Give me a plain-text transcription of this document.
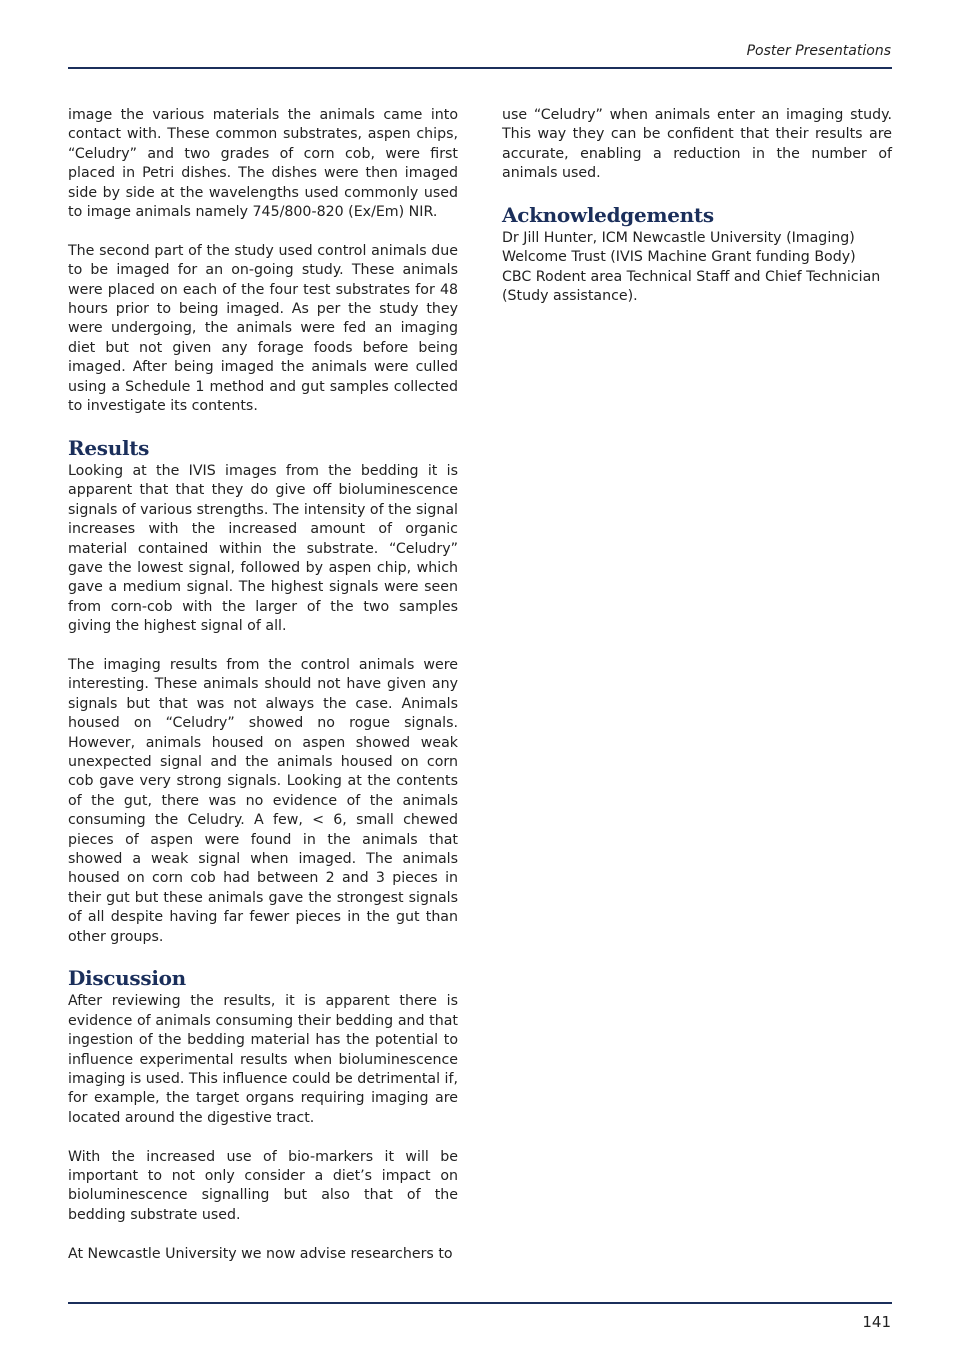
Poster Presentations

image the various materials the animals came into contact with. These common substrates, aspen chips, “Celudry” and two grades of corn cob, were first placed in Petri dishes. The dishes were then imaged side by side at the wavelengths used commonly used to image animals namely 745/800-820 (Ex/Em) NIR.

The second part of the study used control animals due to be imaged for an on-going study. These animals were placed on each of the four test substrates for 48 hours prior to being imaged. As per the study they were undergoing, the animals were fed an imaging diet but not given any forage foods before being imaged. After being imaged the animals were culled using a Schedule 1 method and gut samples collected to investigate its contents.

Results

Looking at the IVIS images from the bedding it is apparent that that they do give off bioluminescence signals of various strengths. The intensity of the signal increases with the increased amount of organic material contained within the substrate. “Celudry” gave the lowest signal, followed by aspen chip, which gave a medium signal. The highest signals were seen from corn-cob with the larger of the two samples giving the highest signal of all.

The imaging results from the control animals were interesting. These animals should not have given any signals but that was not always the case. Animals housed on “Celudry” showed no rogue signals. However, animals housed on aspen showed weak unexpected signal and the animals housed on corn cob gave very strong signals. Looking at the contents of the gut, there was no evidence of the animals consuming the Celudry. A few, < 6, small chewed pieces of aspen were found in the animals that showed a weak signal when imaged. The animals housed on corn cob had between 2 and 3 pieces in their gut but these animals gave the strongest signals of all despite having far fewer pieces in the gut than other groups.

Discussion

After reviewing the results, it is apparent there is evidence of animals consuming their bedding and that ingestion of the bedding material has the potential to influence experimental results when bioluminescence imaging is used. This influence could be detrimental if, for example, the target organs requiring imaging are located around the digestive tract.

With the increased use of bio-markers it will be important to not only consider a diet’s impact on bioluminescence signalling but also that of the bedding substrate used.

At Newcastle University we now advise researchers to

use “Celudry” when animals enter an imaging study. This way they can be confident that their results are accurate, enabling a reduction in the number of animals used.

Acknowledgements
Dr Jill Hunter, ICM Newcastle University (Imaging)
Welcome Trust (IVIS Machine Grant funding Body)
CBC Rodent area Technical Staff and Chief Technician (Study assistance).
141
